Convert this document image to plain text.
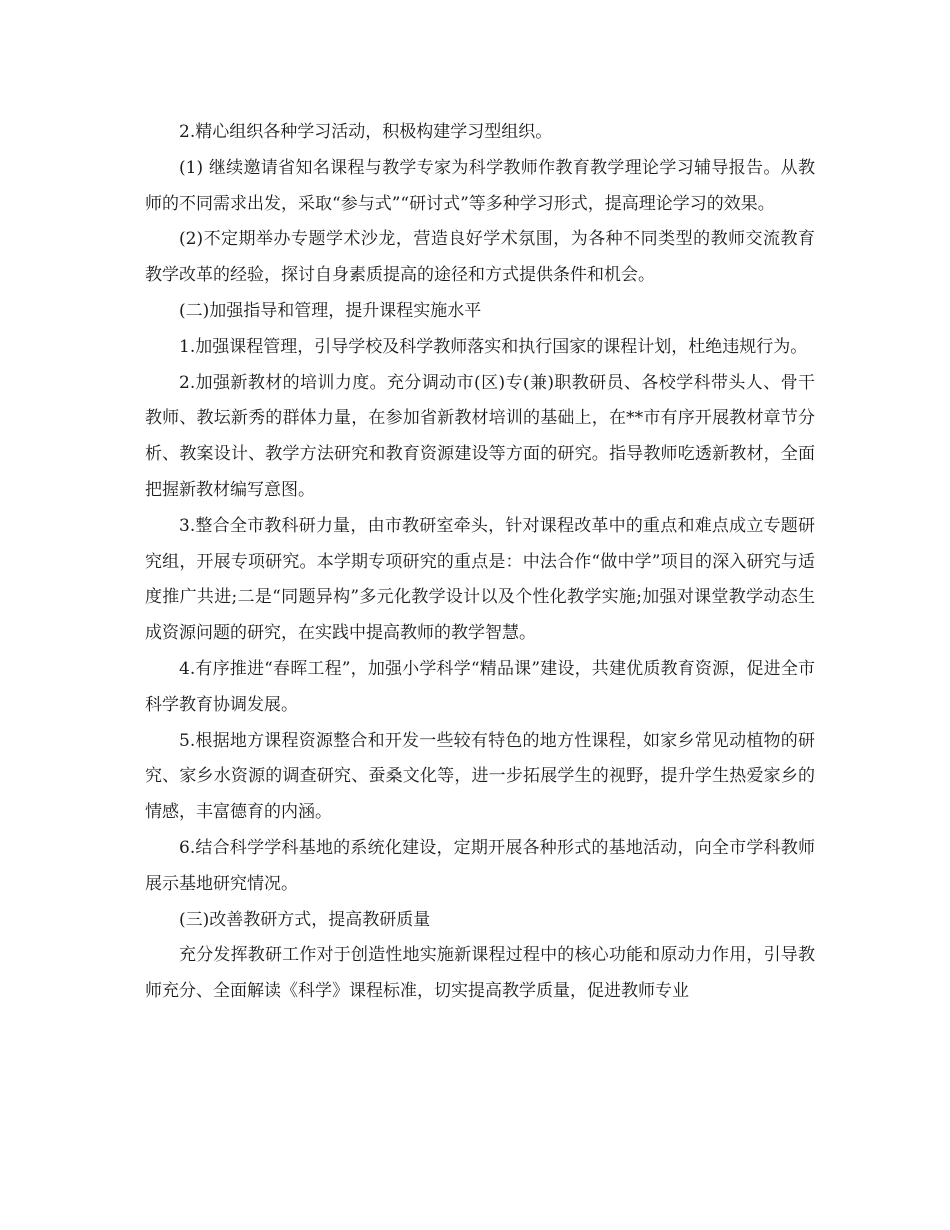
2.精心组织各种学习活动，积极构建学习型组织。

(1) 继续邀请省知名课程与教学专家为科学教师作教育教学理论学习辅导报告。从教师的不同需求出发，采取“参与式”“研讨式”等多种学习形式，提高理论学习的效果。

(2)不定期举办专题学术沙龙，营造良好学术氛围，为各种不同类型的教师交流教育教学改革的经验，探讨自身素质提高的途径和方式提供条件和机会。

(二)加强指导和管理，提升课程实施水平

1.加强课程管理，引导学校及科学教师落实和执行国家的课程计划，杜绝违规行为。

2.加强新教材的培训力度。充分调动市(区)专(兼)职教研员、各校学科带头人、骨干教师、教坛新秀的群体力量，在参加省新教材培训的基础上，在**市有序开展教材章节分析、教案设计、教学方法研究和教育资源建设等方面的研究。指导教师吃透新教材，全面把握新教材编写意图。

3.整合全市教科研力量，由市教研室牵头，针对课程改革中的重点和难点成立专题研究组，开展专项研究。本学期专项研究的重点是：中法合作“做中学”项目的深入研究与适度推广共进;二是“同题异构”多元化教学设计以及个性化教学实施;加强对课堂教学动态生成资源问题的研究，在实践中提高教师的教学智慧。

4.有序推进“春晖工程”，加强小学科学“精品课”建设，共建优质教育资源，促进全市科学教育协调发展。

5.根据地方课程资源整合和开发一些较有特色的地方性课程，如家乡常见动植物的研究、家乡水资源的调查研究、蚕桑文化等，进一步拓展学生的视野，提升学生热爱家乡的情感，丰富德育的内涵。

6.结合科学学科基地的系统化建设，定期开展各种形式的基地活动，向全市学科教师展示基地研究情况。

(三)改善教研方式，提高教研质量

充分发挥教研工作对于创造性地实施新课程过程中的核心功能和原动力作用，引导教师充分、全面解读《科学》课程标准，切实提高教学质量，促进教师专业
